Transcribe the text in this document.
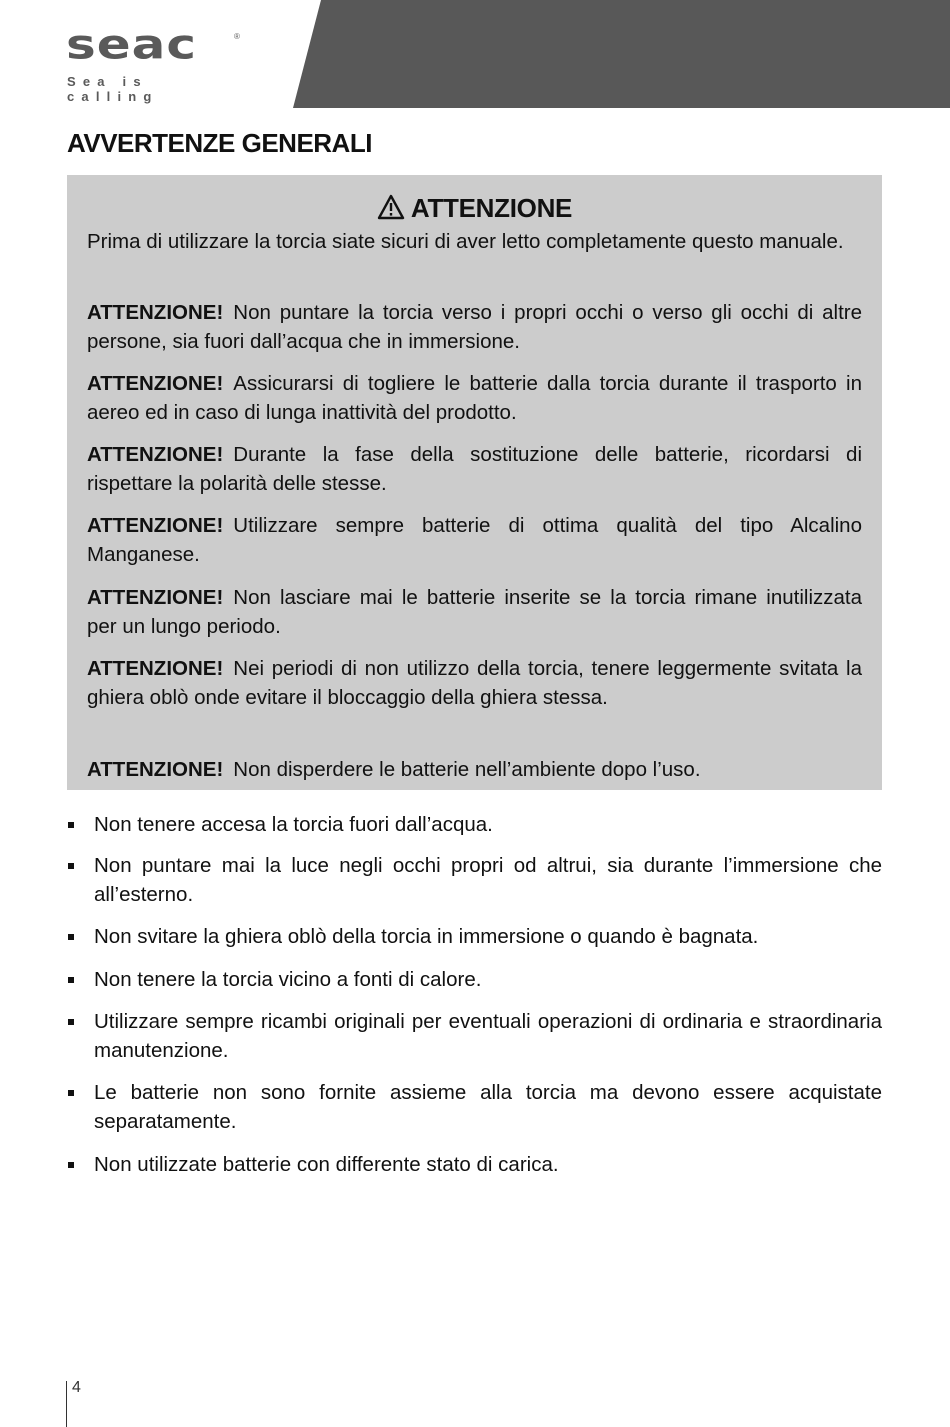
seac	®
Sea is calling
AVVERTENZE GENERALI
ATTENZIONE

Prima di utilizzare la torcia siate sicuri di aver letto completamente questo manuale.

ATTENZIONE! Non puntare la torcia verso i propri occhi o verso gli occhi di altre persone, sia fuori dall’acqua che in immersione.

ATTENZIONE! Assicurarsi di togliere le batterie dalla torcia durante il trasporto in aereo ed in caso di lunga inattività del prodotto.

ATTENZIONE! Durante la fase della sostituzione delle batterie, ricordarsi di rispettare la polarità delle stesse.

ATTENZIONE! Utilizzare sempre batterie di ottima qualità del tipo Alcalino Manganese.

ATTENZIONE! Non lasciare mai le batterie inserite se la torcia rimane inutilizzata per un lungo periodo.

ATTENZIONE! Nei periodi di non utilizzo della torcia, tenere leggermente svitata la ghiera oblò onde evitare il bloccaggio della ghiera stessa.

ATTENZIONE! Non disperdere le batterie nell’ambiente dopo l’uso.

Non tenere accesa la torcia fuori dall’acqua.
Non puntare mai la luce negli occhi propri od altrui, sia durante l’immersione che all’esterno.
Non svitare la ghiera oblò della torcia in immersione o quando è bagnata.
Non tenere la torcia vicino a fonti di calore.
Utilizzare sempre ricambi originali per eventuali operazioni di ordinaria e straordinaria manutenzione.
Le batterie non sono fornite assieme alla torcia ma devono essere acquistate separatamente.
Non utilizzate batterie con differente stato di carica.
4
